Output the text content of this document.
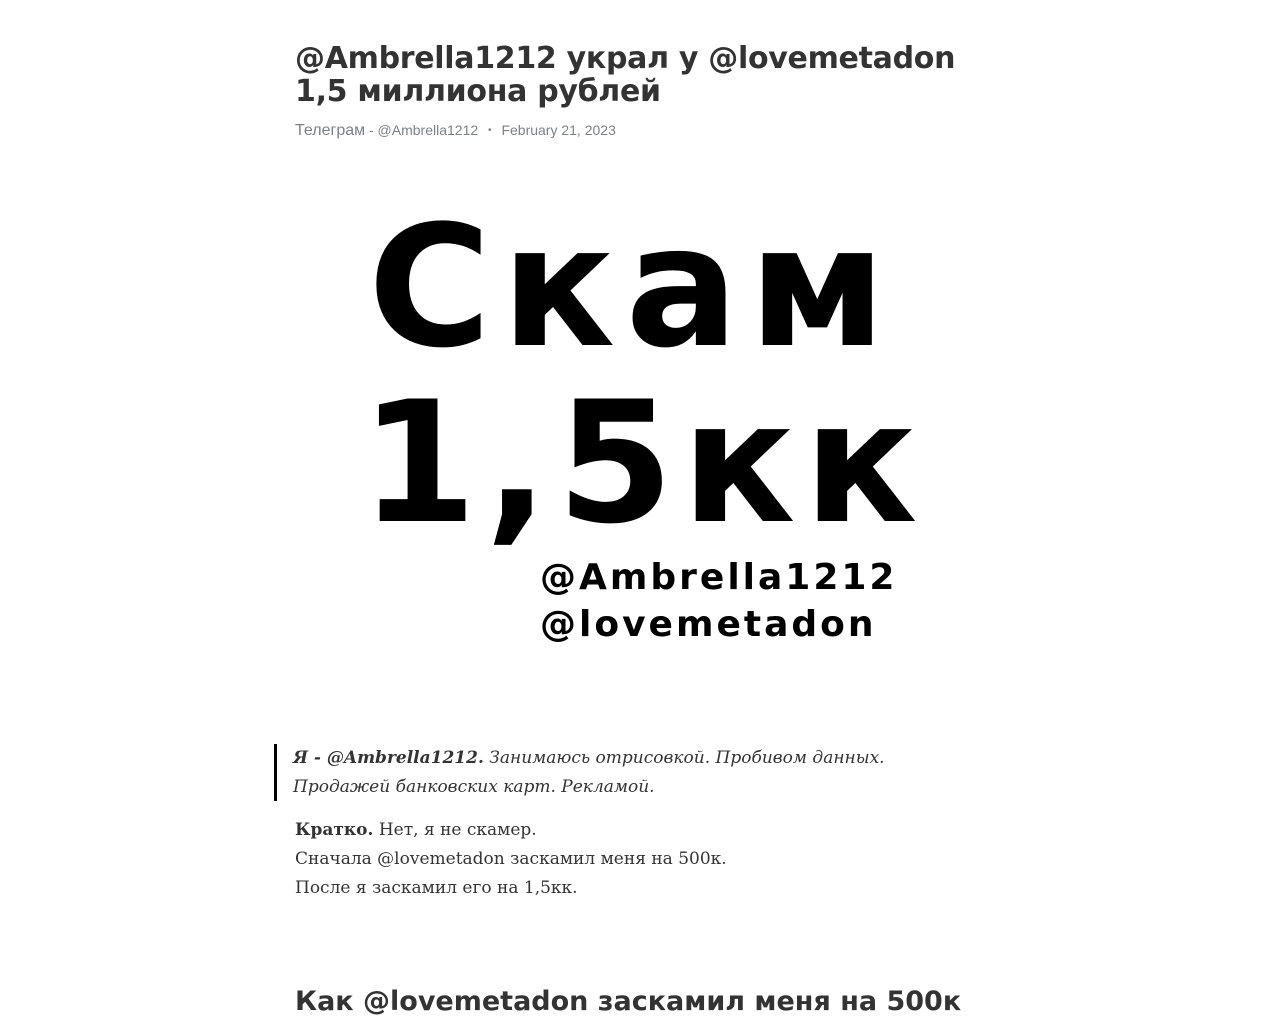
@Ambrella1212 украл у @lovemetadon 1,5 миллиона рублей
Телеграм - @Ambrella1212 • February 21, 2023
Скам
1,5кк
@Ambrella1212
@lovemetadon
Я - @Ambrella1212. Занимаюсь отрисовкой. Пробивом данных. Продажей банковских карт. Рекламой.

Кратко. Нет, я не скамер.

Сначала @lovemetadon заскамил меня на 500к.

После я заскамил его на 1,5кк.

Как @lovemetadon заскамил меня на 500к
